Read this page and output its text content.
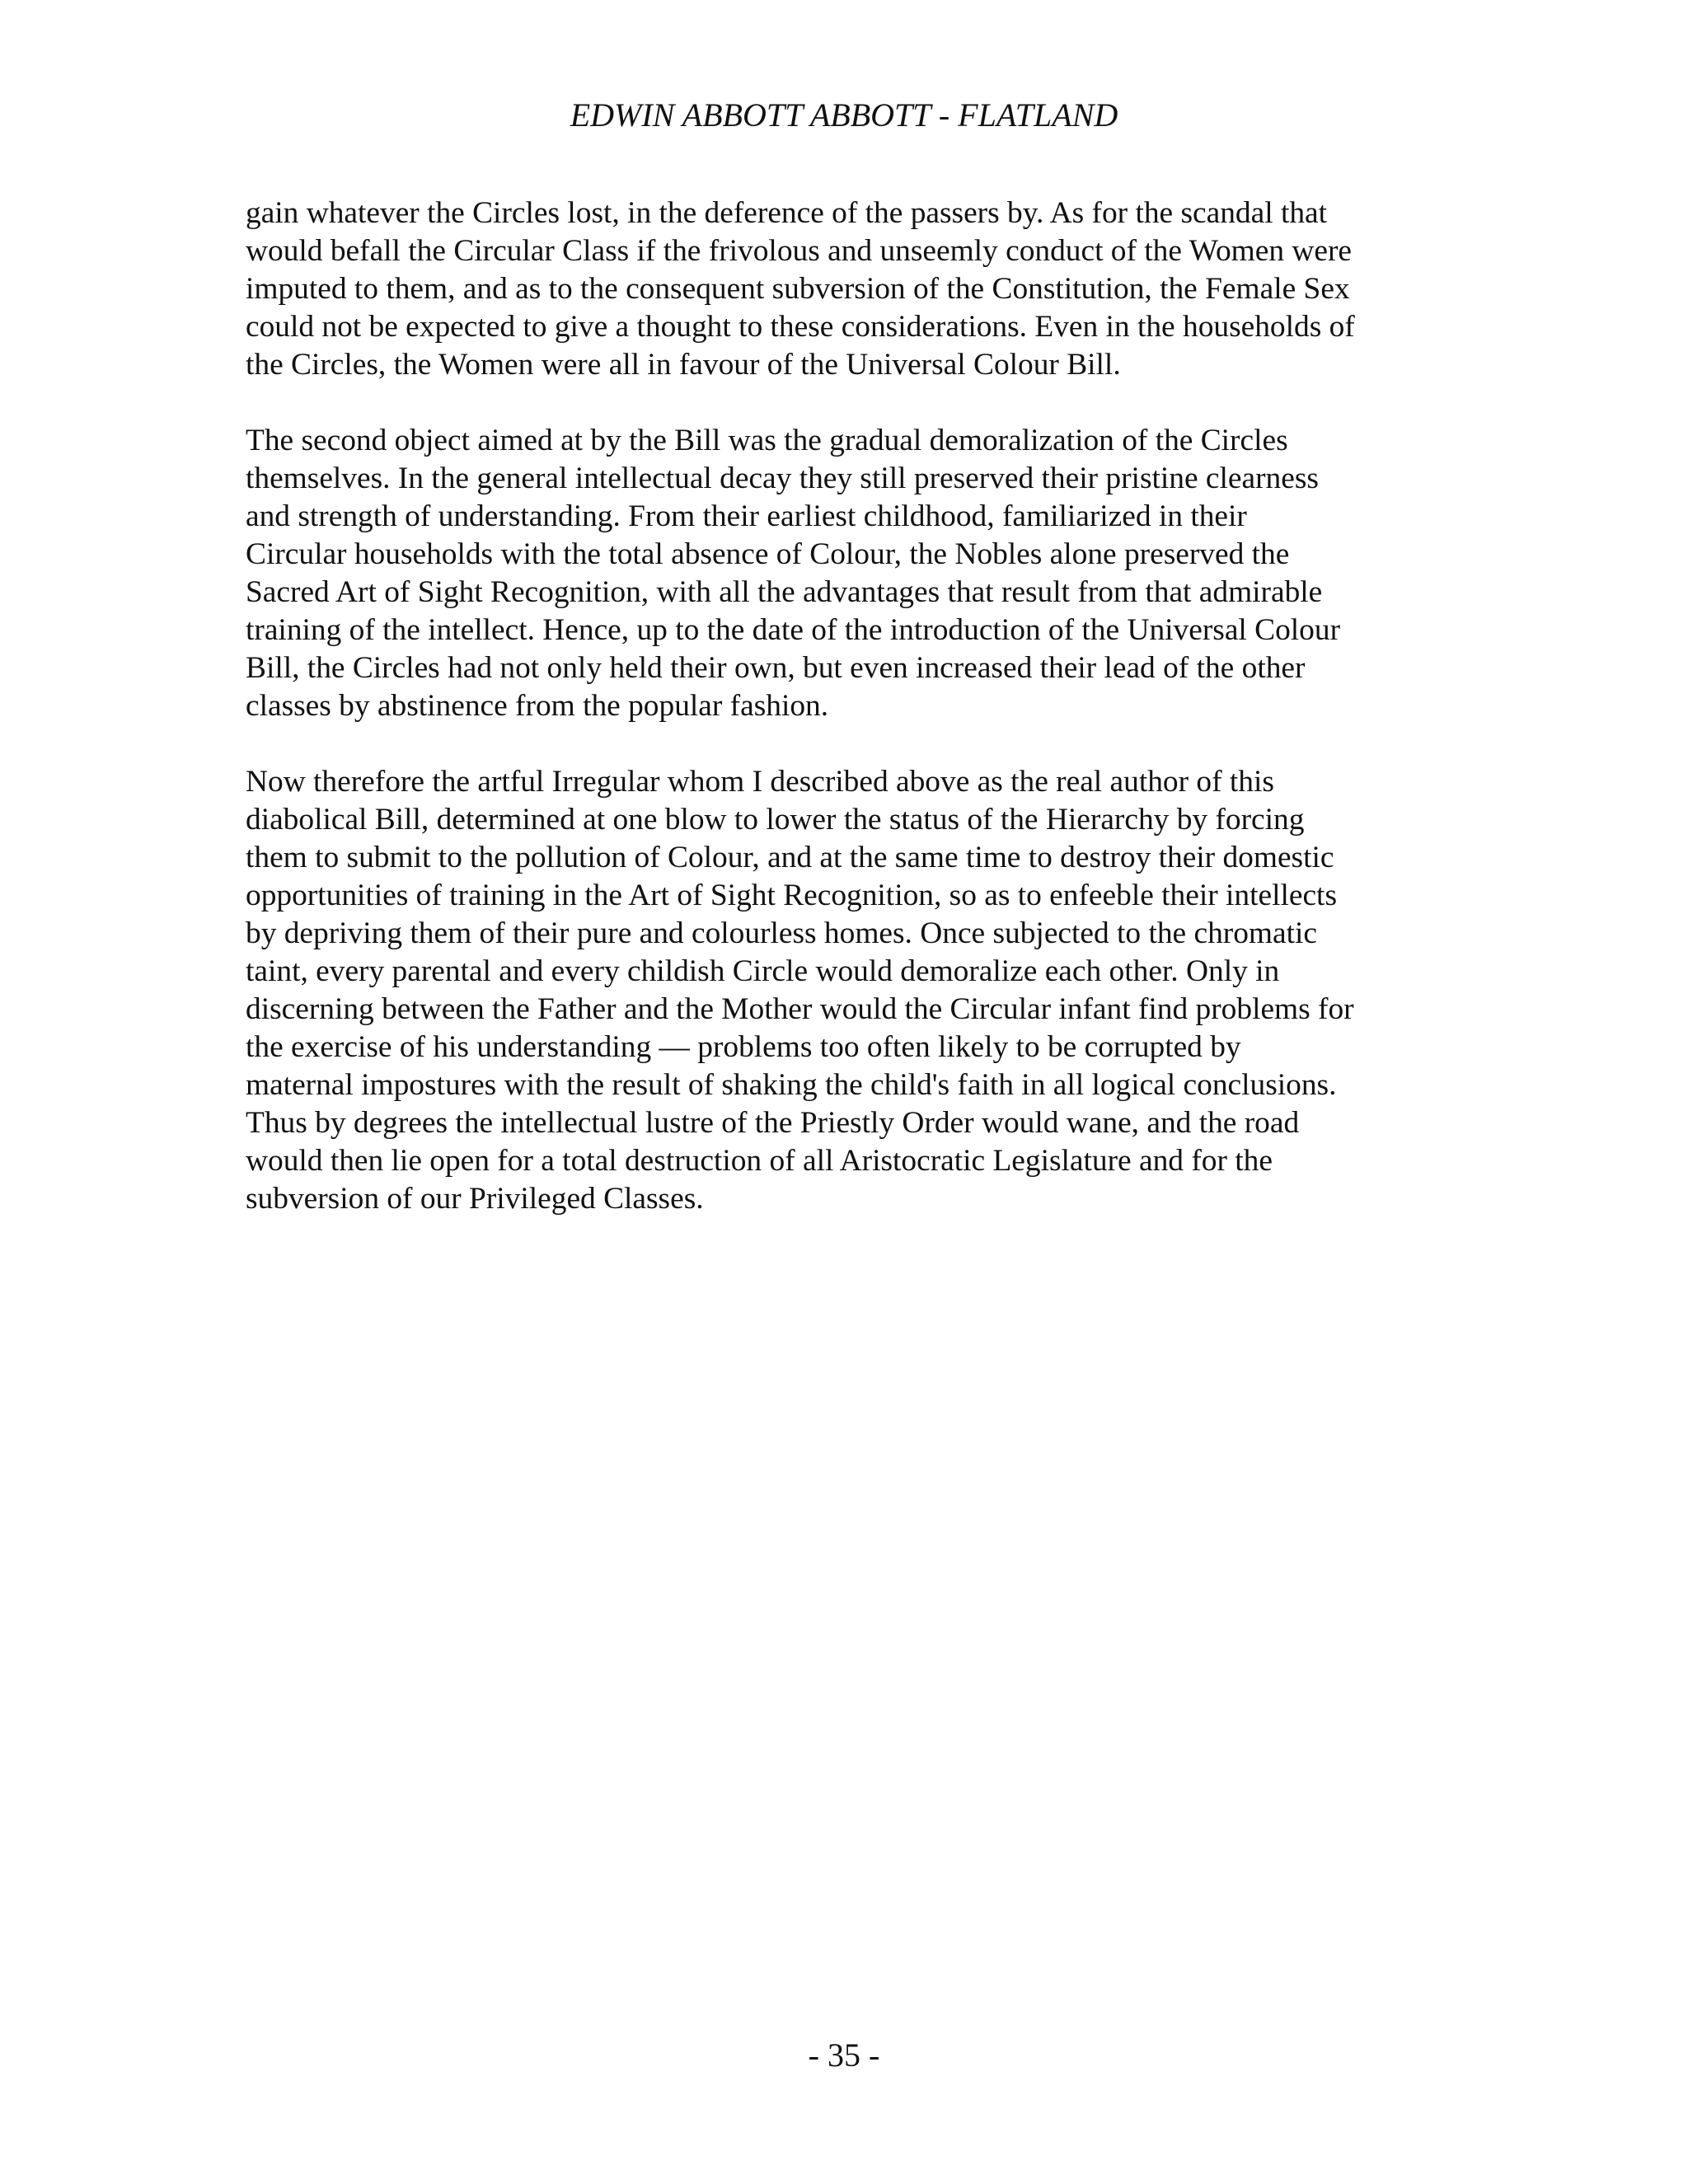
EDWIN ABBOTT ABBOTT - FLATLAND
gain whatever the Circles lost, in the deference of the passers by. As for the scandal that
would befall the Circular Class if the frivolous and unseemly conduct of the Women were
imputed to them, and as to the consequent subversion of the Constitution, the Female Sex
could not be expected to give a thought to these considerations. Even in the households of
the Circles, the Women were all in favour of the Universal Colour Bill.
The second object aimed at by the Bill was the gradual demoralization of the Circles
themselves. In the general intellectual decay they still preserved their pristine clearness
and strength of understanding. From their earliest childhood, familiarized in their
Circular households with the total absence of Colour, the Nobles alone preserved the
Sacred Art of Sight Recognition, with all the advantages that result from that admirable
training of the intellect. Hence, up to the date of the introduction of the Universal Colour
Bill, the Circles had not only held their own, but even increased their lead of the other
classes by abstinence from the popular fashion.
Now therefore the artful Irregular whom I described above as the real author of this
diabolical Bill, determined at one blow to lower the status of the Hierarchy by forcing
them to submit to the pollution of Colour, and at the same time to destroy their domestic
opportunities of training in the Art of Sight Recognition, so as to enfeeble their intellects
by depriving them of their pure and colourless homes. Once subjected to the chromatic
taint, every parental and every childish Circle would demoralize each other. Only in
discerning between the Father and the Mother would the Circular infant find problems for
the exercise of his understanding — problems too often likely to be corrupted by
maternal impostures with the result of shaking the child's faith in all logical conclusions.
Thus by degrees the intellectual lustre of the Priestly Order would wane, and the road
would then lie open for a total destruction of all Aristocratic Legislature and for the
subversion of our Privileged Classes.
- 35 -
